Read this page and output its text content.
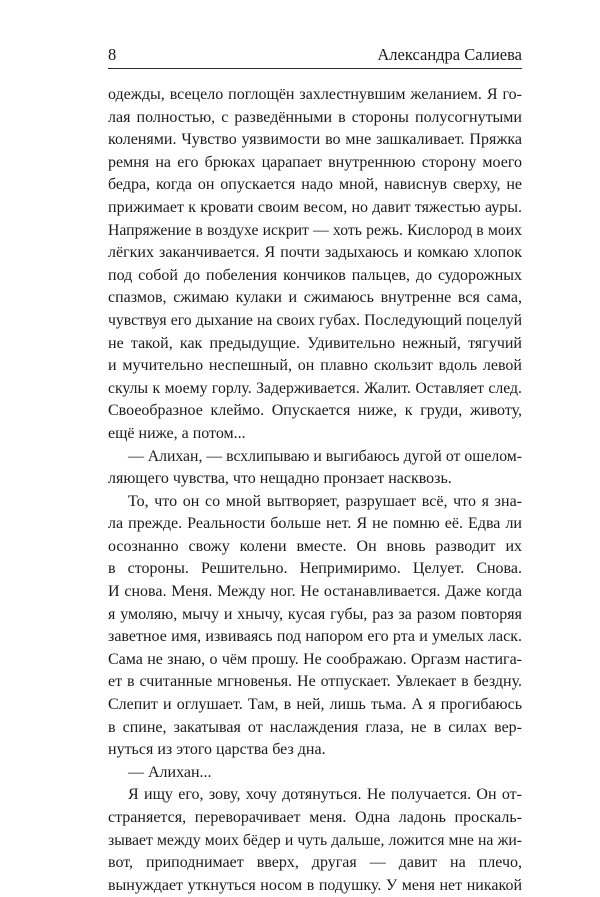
8	Александра Салиева
одежды, всецело поглощён захлестнувшим желанием. Я го-
лая полностью, с разведёнными в стороны полусогнутыми
коленями. Чувство уязвимости во мне зашкаливает. Пряжка
ремня на его брюках царапает внутреннюю сторону моего
бедра, когда он опускается надо мной, нависнув сверху, не
прижимает к кровати своим весом, но давит тяжестью ауры.
Напряжение в воздухе искрит — хоть режь. Кислород в моих
лёгких заканчивается. Я почти задыхаюсь и комкаю хлопок
под собой до побеления кончиков пальцев, до судорожных
спазмов, сжимаю кулаки и сжимаюсь внутренне вся сама,
чувствуя его дыхание на своих губах. Последующий поцелуй
не такой, как предыдущие. Удивительно нежный, тягучий
и мучительно неспешный, он плавно скользит вдоль левой
скулы к моему горлу. Задерживается. Жалит. Оставляет след.
Своеобразное клеймо. Опускается ниже, к груди, животу,
ещё ниже, а потом...
— Алихан, — всхлипываю и выгибаюсь дугой от ошелом-
ляющего чувства, что нещадно пронзает насквозь.
То, что он со мной вытворяет, разрушает всё, что я зна-
ла прежде. Реальности больше нет. Я не помню её. Едва ли
осознанно свожу колени вместе. Он вновь разводит их
в стороны. Решительно. Непримиримо. Целует. Снова.
И снова. Меня. Между ног. Не останавливается. Даже когда
я умоляю, мычу и хнычу, кусая губы, раз за разом повторяя
заветное имя, извиваясь под напором его рта и умелых ласк.
Сама не знаю, о чём прошу. Не соображаю. Оргазм настига-
ет в считанные мгновенья. Не отпускает. Увлекает в бездну.
Слепит и оглушает. Там, в ней, лишь тьма. А я прогибаюсь
в спине, закатывая от наслаждения глаза, не в силах вер-
нуться из этого царства без дна.
— Алихан...
Я ищу его, зову, хочу дотянуться. Не получается. Он от-
страняется, переворачивает меня. Одна ладонь проскаль-
зывает между моих бёдер и чуть дальше, ложится мне на жи-
вот, приподнимает вверх, другая — давит на плечо,
вынуждает уткнуться носом в подушку. У меня нет никакой
